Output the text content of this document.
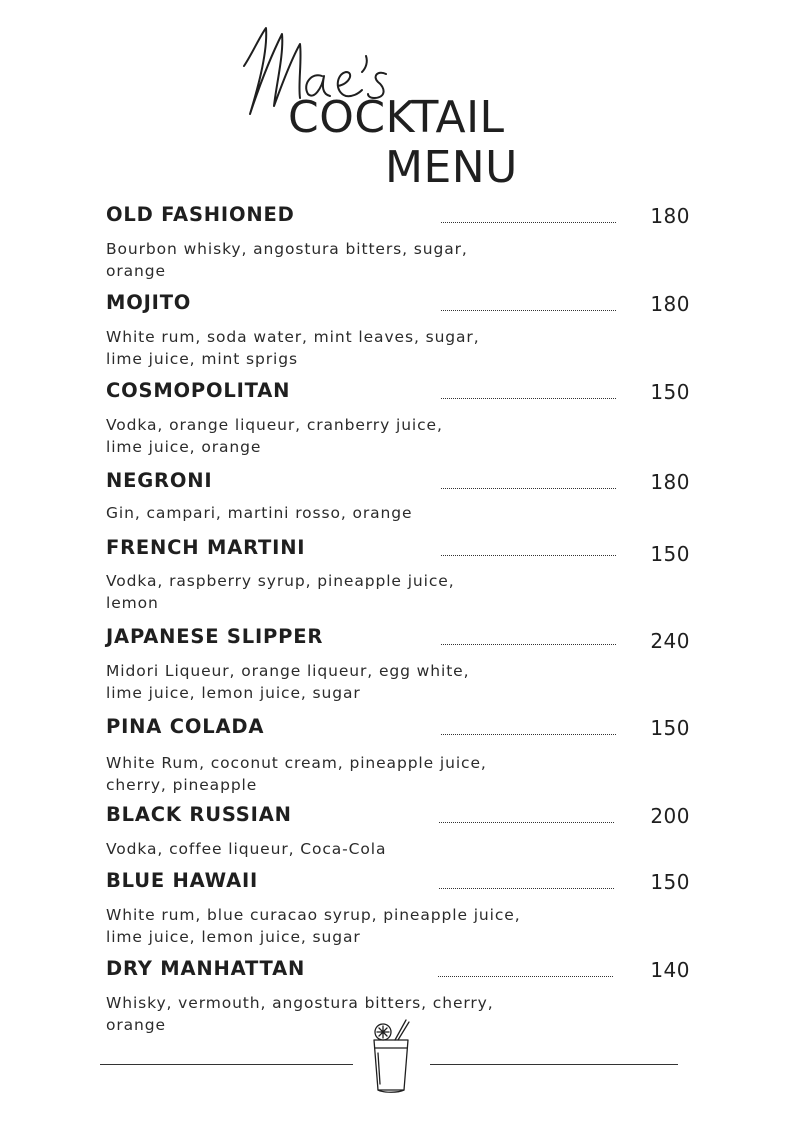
COCKTAIL
MENU
OLD FASHIONED	180
Bourbon whisky, angostura bitters, sugar,
orange
MOJITO	180
White rum, soda water, mint leaves, sugar,
lime juice, mint sprigs
COSMOPOLITAN	150
Vodka, orange liqueur, cranberry juice,
lime juice, orange
NEGRONI	180
Gin, campari, martini rosso, orange
FRENCH MARTINI	150
Vodka, raspberry syrup, pineapple juice,
lemon
JAPANESE SLIPPER	240
Midori Liqueur, orange liqueur, egg white,
lime juice, lemon juice, sugar
PINA COLADA	150
White Rum, coconut cream, pineapple juice,
cherry, pineapple
BLACK RUSSIAN	200
Vodka, coffee liqueur, Coca-Cola
BLUE HAWAII	150
White rum, blue curacao syrup, pineapple juice,
lime juice, lemon juice, sugar
DRY MANHATTAN	140
Whisky, vermouth, angostura bitters, cherry,
orange
